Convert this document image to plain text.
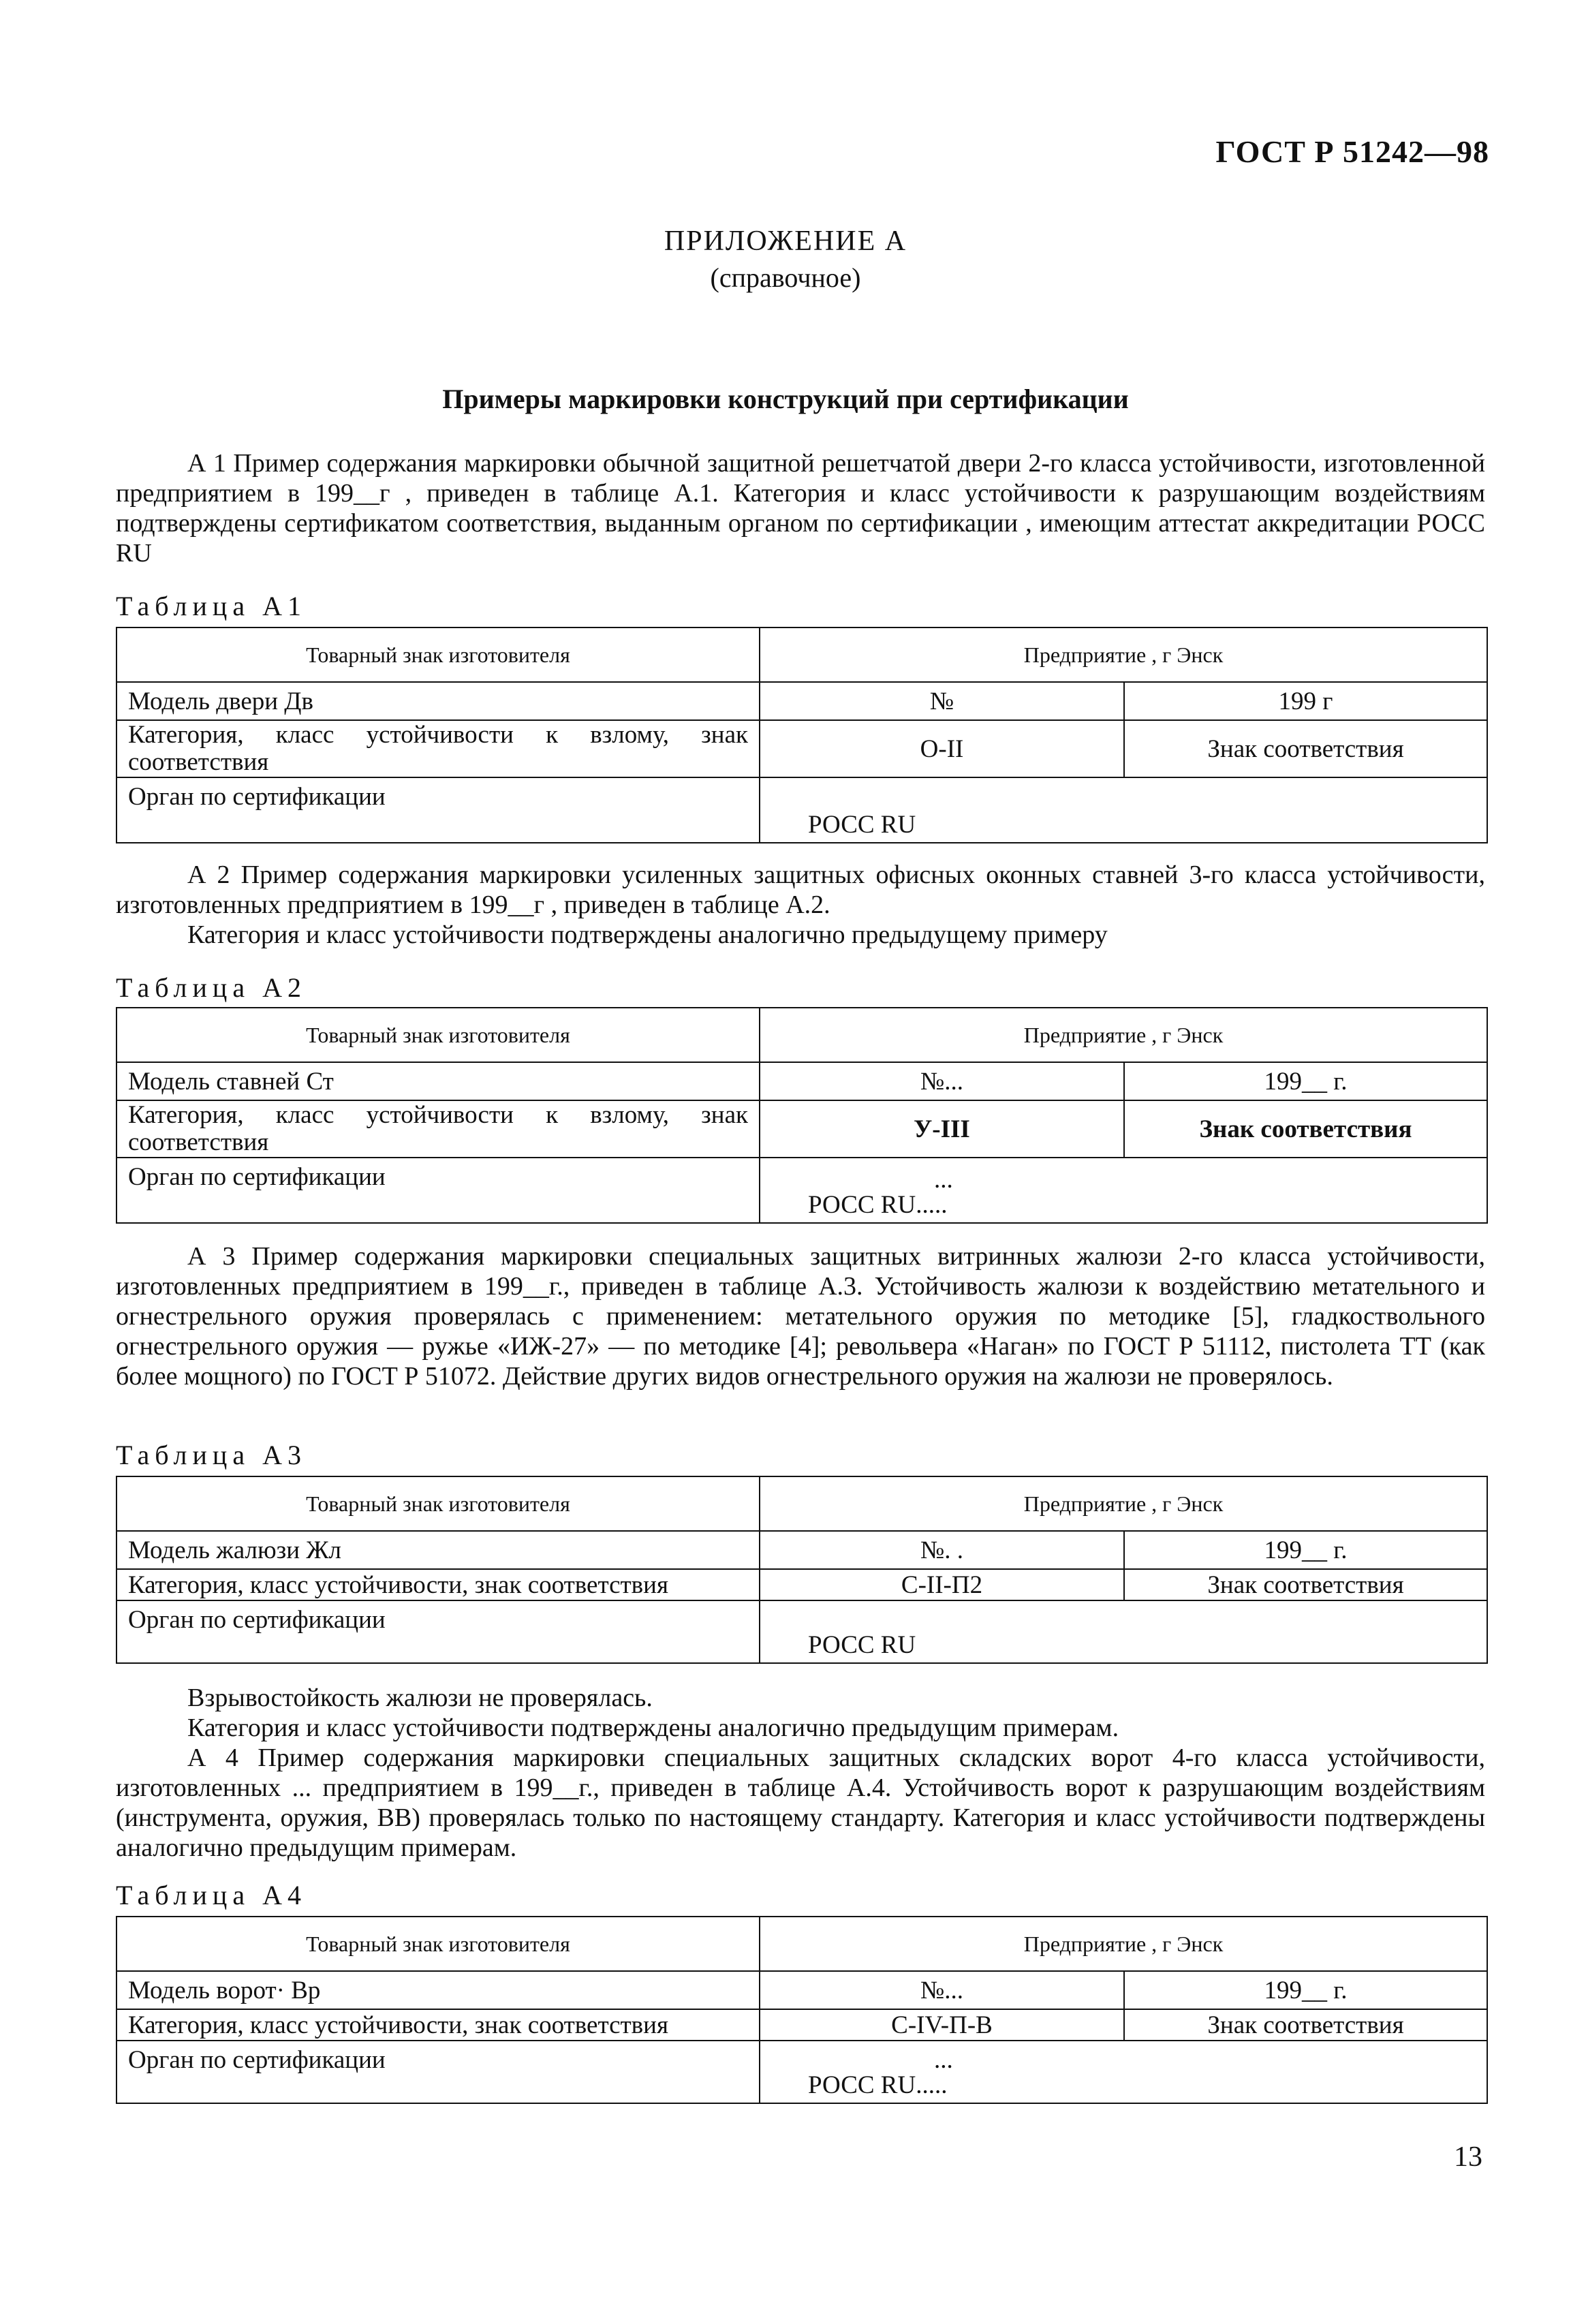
ГОСТ Р 51242—98
ПРИЛОЖЕНИЕ А
(справочное)
Примеры маркировки конструкций при сертификации

А 1 Пример содержания маркировки обычной защитной решетчатой двери 2-го класса устойчивости, изготовленной предприятием в 199__г , приведен в таблице А.1. Категория и класс устойчивости к разрушающим воздействиям подтверждены сертификатом соответствия, выданным органом по сертификации , имеющим аттестат аккредитации РОСС RU

Таблица А1
Товарный знак изготовителя	Предприятие , г Энск	
Модель двери Дв	№	199 г
Категория, класс устойчивости к взлому, знак соответствия	О-II	Знак соответствия
Орган по сертификации	РОСС RU	

А 2 Пример содержания маркировки усиленных защитных офисных оконных ставней 3-го класса устойчивости, изготовленных предприятием в 199__г , приведен в таблице А.2.

Категория и класс устойчивости подтверждены аналогично предыдущему примеру

Таблица А2
Товарный знак изготовителя	Предприятие , г Энск	
Модель ставней Ст	№...	199__ г.
Категория, класс устойчивости к взлому, знак соответствия	У-III	Знак соответствия
Орган по сертификации	...
РОСС RU.....	

А 3 Пример содержания маркировки специальных защитных витринных жалюзи 2-го класса устойчивости, изготовленных предприятием в 199__г., приведен в таблице А.3. Устойчивость жалюзи к воздействию метательного и огнестрельного оружия проверялась с применением: метательного оружия по методике [5], гладкоствольного огнестрельного оружия — ружье «ИЖ-27» — по методике [4]; револьвера «Наган» по ГОСТ Р 51112, пистолета ТТ (как более мощного) по ГОСТ Р 51072. Действие других видов огнестрельного оружия на жалюзи не проверялось.

Таблица А3
Товарный знак изготовителя	Предприятие , г Энск	
Модель жалюзи Жл	№. .	199__ г.
Категория, класс устойчивости, знак соответствия	С-II-П2	Знак соответствия
Орган по сертификации	РОСС RU	

Взрывостойкость жалюзи не проверялась.

Категория и класс устойчивости подтверждены аналогично предыдущим примерам.

А 4 Пример содержания маркировки специальных защитных складских ворот 4-го класса устойчивости, изготовленных ... предприятием в 199__г., приведен в таблице А.4. Устойчивость ворот к разрушающим воздействиям (инструмента, оружия, ВВ) проверялась только по настоящему стандарту. Категория и класс устойчивости подтверждены аналогично предыдущим примерам.

Таблица А4
Товарный знак изготовителя	Предприятие , г Энск	
Модель ворот· Вр	№...	199__ г.
Категория, класс устойчивости, знак соответствия	С-IV-П-В	Знак соответствия
Орган по сертификации	...
РОСС RU.....	
13
